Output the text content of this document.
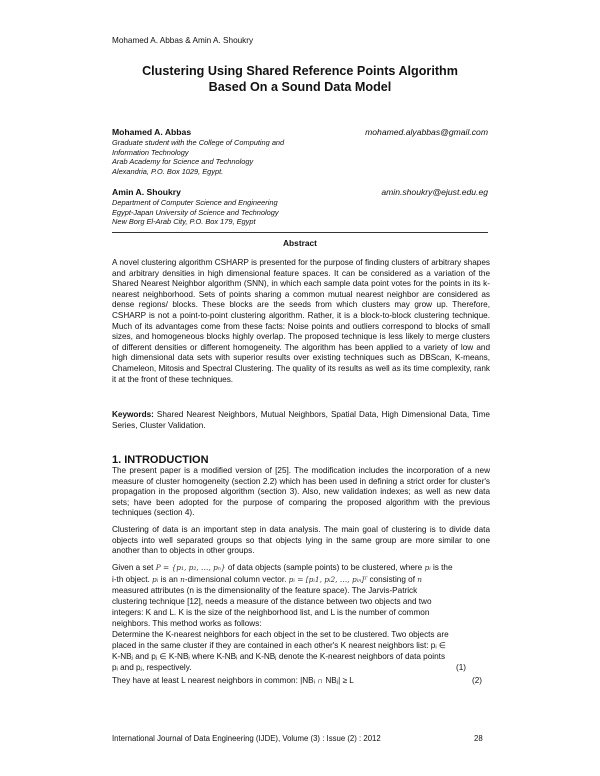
Mohamed A. Abbas & Amin A. Shoukry
Clustering Using Shared Reference Points Algorithm
Based On a Sound Data Model
Mohamed A. Abbas	mohamed.alyabbas@gmail.com
Graduate student with the College of Computing and
Information Technology
Arab Academy for Science and Technology
Alexandria, P.O. Box 1029, Egypt.
Amin A. Shoukry	amin.shoukry@ejust.edu.eg
Department of Computer Science and Engineering
Egypt-Japan University of Science and Technology
New Borg El-Arab City, P.O. Box 179, Egypt
Abstract
A novel clustering algorithm CSHARP is presented for the purpose of finding clusters of arbitrary shapes and arbitrary densities in high dimensional feature spaces. It can be considered as a variation of the Shared Nearest Neighbor algorithm (SNN), in which each sample data point votes for the points in its k-nearest neighborhood. Sets of points sharing a common mutual nearest neighbor are considered as dense regions/ blocks. These blocks are the seeds from which clusters may grow up. Therefore, CSHARP is not a point-to-point clustering algorithm. Rather, it is a block-to-block clustering technique. Much of its advantages come from these facts: Noise points and outliers correspond to blocks of small sizes, and homogeneous blocks highly overlap. The proposed technique is less likely to merge clusters of different densities or different homogeneity. The algorithm has been applied to a variety of low and high dimensional data sets with superior results over existing techniques such as DBScan, K-means, Chameleon, Mitosis and Spectral Clustering. The quality of its results as well as its time complexity, rank it at the front of these techniques.
Keywords: Shared Nearest Neighbors, Mutual Neighbors, Spatial Data, High Dimensional Data, Time Series, Cluster Validation.
1. INTRODUCTION
The present paper is a modified version of [25]. The modification includes the incorporation of a new measure of cluster homogeneity (section 2.2) which has been used in defining a strict order for cluster's propagation in the proposed algorithm (section 3). Also, new validation indexes; as well as new data sets; have been adopted for the purpose of comparing the proposed algorithm with the previous techniques (section 4).
Clustering of data is an important step in data analysis. The main goal of clustering is to divide data objects into well separated groups so that objects lying in the same group are more similar to one another than to objects in other groups.
Given a set P = {p₁, p₂, …, pₙ} of data objects (sample points) to be clustered, where pᵢ is the
i-th object. pᵢ is an n-dimensional column vector. pᵢ = [pᵢ1, pᵢ2, …, pᵢₙ]ᵀ consisting of n
measured attributes (n is the dimensionality of the feature space). The Jarvis-Patrick
clustering technique [12], needs a measure of the distance between two objects and two
integers: K and L. K is the size of the neighborhood list, and L is the number of common
neighbors. This method works as follows:
Determine the K-nearest neighbors for each object in the set to be clustered. Two objects are
placed in the same cluster if they are contained in each other's K nearest neighbors list: pᵢ ∈
K-NBⱼ and pⱼ ∈ K-NBᵢ where K-NBᵢ and K-NBⱼ denote the K-nearest neighbors of data points
pᵢ and pⱼ, respectively.	(1)
They have at least L nearest neighbors in common: |NBᵢ ∩ NBⱼ| ≥ L	(2)
International Journal of Data Engineering (IJDE), Volume (3) : Issue (2) : 2012	28
